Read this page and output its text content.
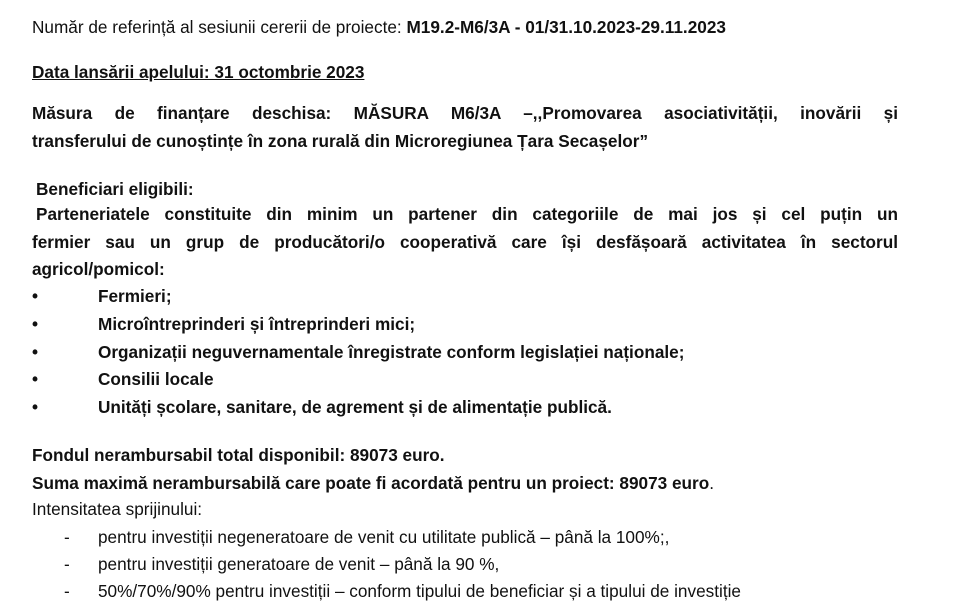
Număr de referință al sesiunii cererii de proiecte: M19.2-M6/3A - 01/31.10.2023-29.11.2023
Data lansării apelului: 31 octombrie 2023
Măsura de finanțare deschisa: MĂSURA M6/3A –,,Promovarea asociativității, inovării și
transferului de cunoștințe în zona rurală din Microregiunea Țara Secașelor”
Beneficiari eligibili:
Parteneriatele constituite din minim un partener din categoriile de mai jos și cel puțin un
fermier sau un grup de producători/o cooperativă care își desfășoară activitatea în sectorul
agricol/pomicol:
•	Fermieri;
•	Microîntreprinderi și întreprinderi mici;
•	Organizații neguvernamentale înregistrate conform legislației naționale;
•	Consilii locale
•	Unități școlare, sanitare, de agrement și de alimentație publică.
Fondul nerambursabil total disponibil: 89073 euro.
Suma maximă nerambursabilă care poate fi acordată pentru un proiect: 89073 euro.
Intensitatea sprijinului:
-	pentru investiții negeneratoare de venit cu utilitate publică – până la 100%;,
-	pentru investiții generatoare de venit – până la 90 %,
-	50%/70%/90% pentru investiții – conform tipului de beneficiar și a tipului de investiție
